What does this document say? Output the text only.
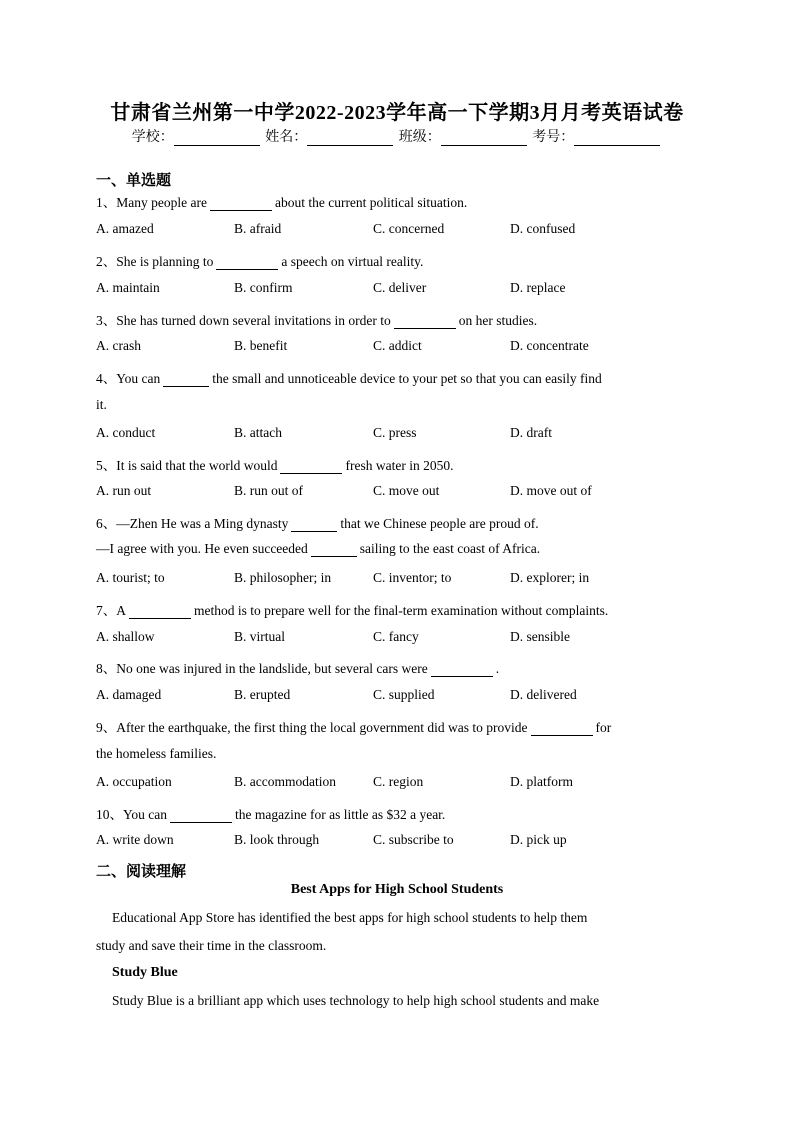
甘肃省兰州第一中学2022-2023学年高一下学期3月月考英语试卷
学校：	姓名：	班级：	考号：
一、单选题
1、Many people are	about the current political situation.
A. amazed	B. afraid	C. concerned	D. confused
2、She is planning to	a speech on virtual reality.
A. maintain	B. confirm	C. deliver	D. replace
3、She has turned down several invitations in order to	on her studies.
A. crash	B. benefit	C. addict	D. concentrate
4、You can	the small and unnoticeable device to your pet so that you can easily find
it.
A. conduct	B. attach	C. press	D. draft
5、It is said that the world would	fresh water in 2050.
A. run out	B. run out of	C. move out	D. move out of
6、—Zhen He was a Ming dynasty	that we Chinese people are proud of.
—I agree with you. He even succeeded	sailing to the east coast of Africa.
A. tourist; to	B. philosopher; in	C. inventor; to	D. explorer; in
7、A	method is to prepare well for the final-term examination without complaints.
A. shallow	B. virtual	C. fancy	D. sensible
8、No one was injured in the landslide, but several cars were	.
A. damaged	B. erupted	C. supplied	D. delivered
9、After the earthquake, the first thing the local government did was to provide	for
the homeless families.
A. occupation	B. accommodation	C. region	D. platform
10、You can	the magazine for as little as $32 a year.
A. write down	B. look through	C. subscribe to	D. pick up
二、阅读理解
Best Apps for High School Students
Educational App Store has identified the best apps for high school students to help them
study and save their time in the classroom.
Study Blue
Study Blue is a brilliant app which uses technology to help high school students and make
